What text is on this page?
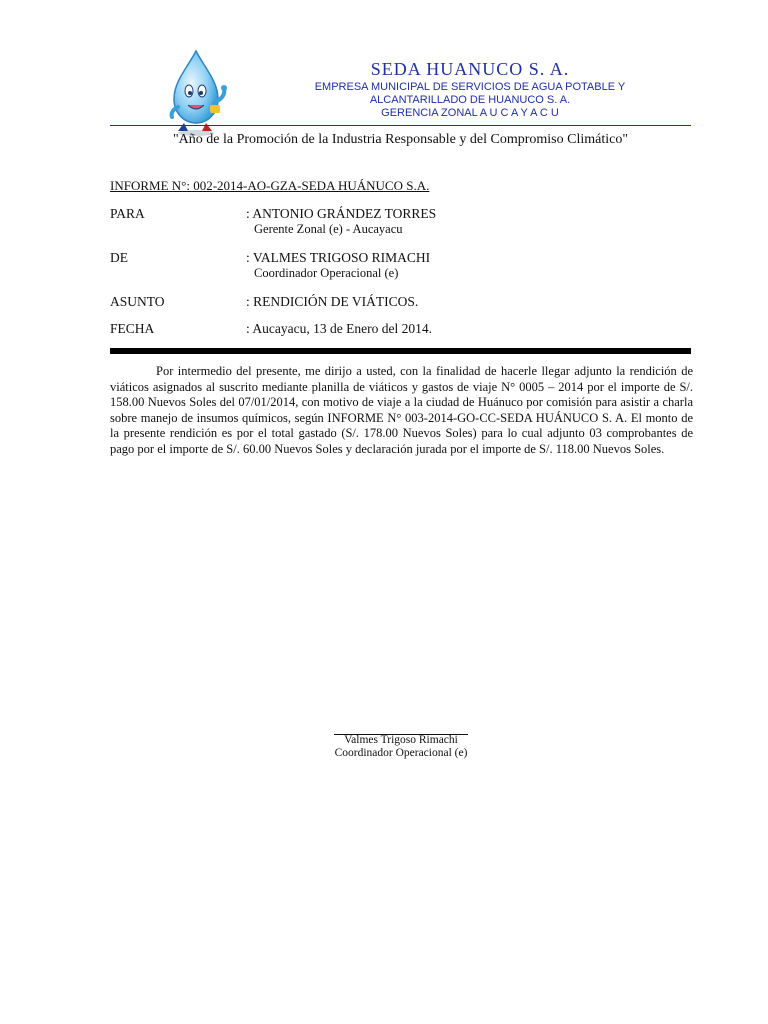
SEDA HUANUCO S. A.
EMPRESA MUNICIPAL DE SERVICIOS DE AGUA POTABLE Y
ALCANTARILLADO DE HUANUCO S. A.
GERENCIA ZONAL A U C A Y A C U
"Año de la Promoción de la Industria Responsable y del Compromiso Climático"
INFORME N°: 002-2014-AO-GZA-SEDA HUÁNUCO S.A.
PARA	: ANTONIO GRÁNDEZ TORRES
Gerente Zonal (e) - Aucayacu
DE	: VALMES TRIGOSO RIMACHI
Coordinador Operacional (e)
ASUNTO	: RENDICIÓN DE VIÁTICOS.
FECHA	: Aucayacu, 13 de Enero del 2014.

Por intermedio del presente, me dirijo a usted, con la finalidad de hacerle llegar adjunto la rendición de viáticos asignados al suscrito mediante planilla de viáticos y gastos de viaje N° 0005 – 2014 por el importe de S/. 158.00 Nuevos Soles del 07/01/2014, con motivo de viaje a la ciudad de Huánuco por comisión para asistir a charla sobre manejo de insumos químicos, según INFORME N° 003-2014-GO-CC-SEDA HUÁNUCO S. A. El monto de la presente rendición es por el total gastado (S/. 178.00 Nuevos Soles) para lo cual adjunto 03 comprobantes de pago por el importe de S/. 60.00 Nuevos Soles y declaración jurada por el importe de S/. 118.00 Nuevos Soles.

Valmes Trigoso Rimachi
Coordinador Operacional (e)
